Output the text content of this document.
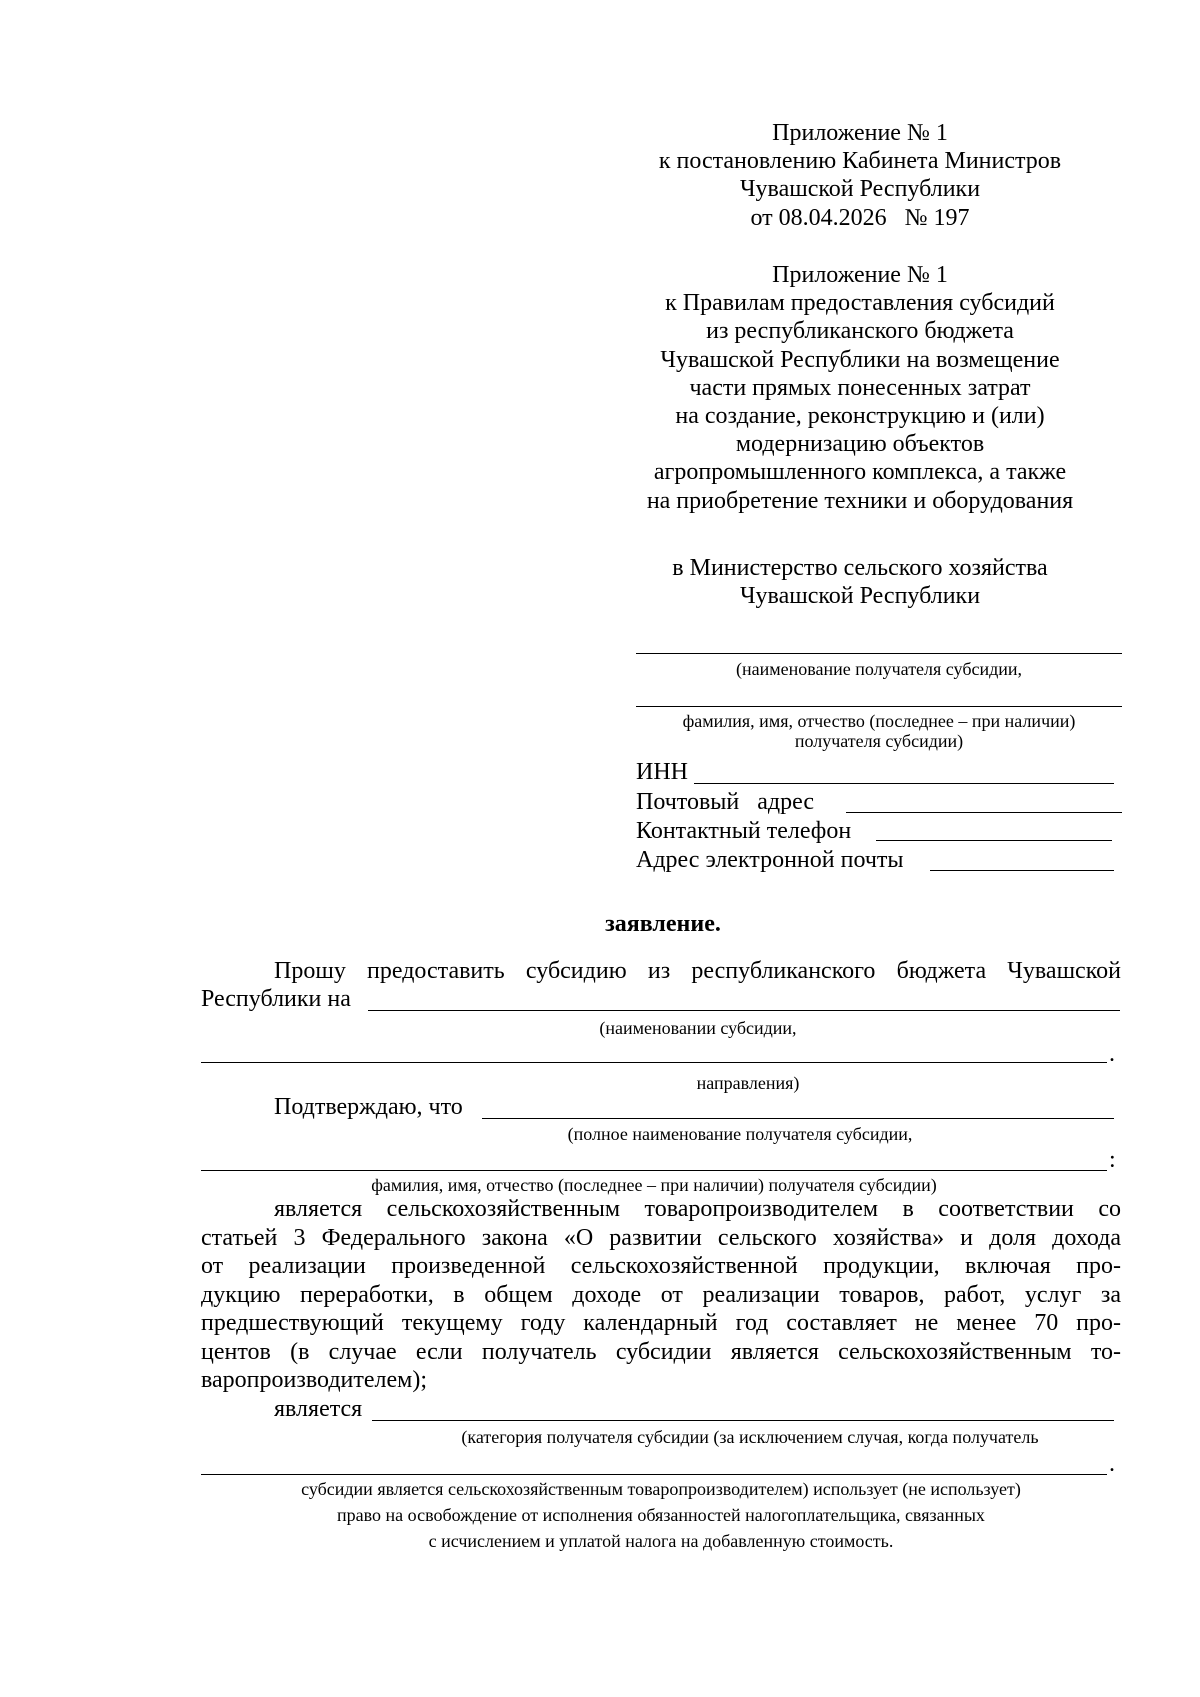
Приложение № 1
к постановлению Кабинета Министров
Чувашской Республики
от 08.04.2026   № 197
Приложение № 1
к Правилам предоставления субсидий
из республиканского бюджета
Чувашской Республики на возмещение
части прямых понесенных затрат
на создание, реконструкцию и (или)
модернизацию объектов
агропромышленного комплекса, а также
на приобретение техники и оборудования
в Министерство сельского хозяйства
Чувашской Республики
(наименование получателя субсидии,
фамилия, имя, отчество (последнее – при наличии)
получателя субсидии)
ИНН
Почтовый   адрес
Контактный телефон
Адрес электронной почты
заявление.
Прошу предоставить субсидию из республиканского бюджета Чувашской
Республики на
(наименовании субсидии,
.
направления)
Подтверждаю, что
(полное наименование получателя субсидии,
:
фамилия, имя, отчество (последнее – при наличии) получателя субсидии)
является сельскохозяйственным товаропроизводителем в соответствии со
статьей 3 Федерального закона «О развитии сельского хозяйства» и доля дохода
от реализации произведенной сельскохозяйственной продукции, включая про-
дукцию переработки, в общем доходе от реализации товаров, работ, услуг за
предшествующий текущему году календарный год составляет не менее 70 про-
центов (в случае если получатель субсидии является сельскохозяйственным то-
варопроизводителем);
является
(категория получателя субсидии (за исключением случая, когда получатель
.
субсидии является сельскохозяйственным товаропроизводителем) использует (не использует)
право на освобождение от исполнения обязанностей налогоплательщика, связанных
с исчислением и уплатой налога на добавленную стоимость.
